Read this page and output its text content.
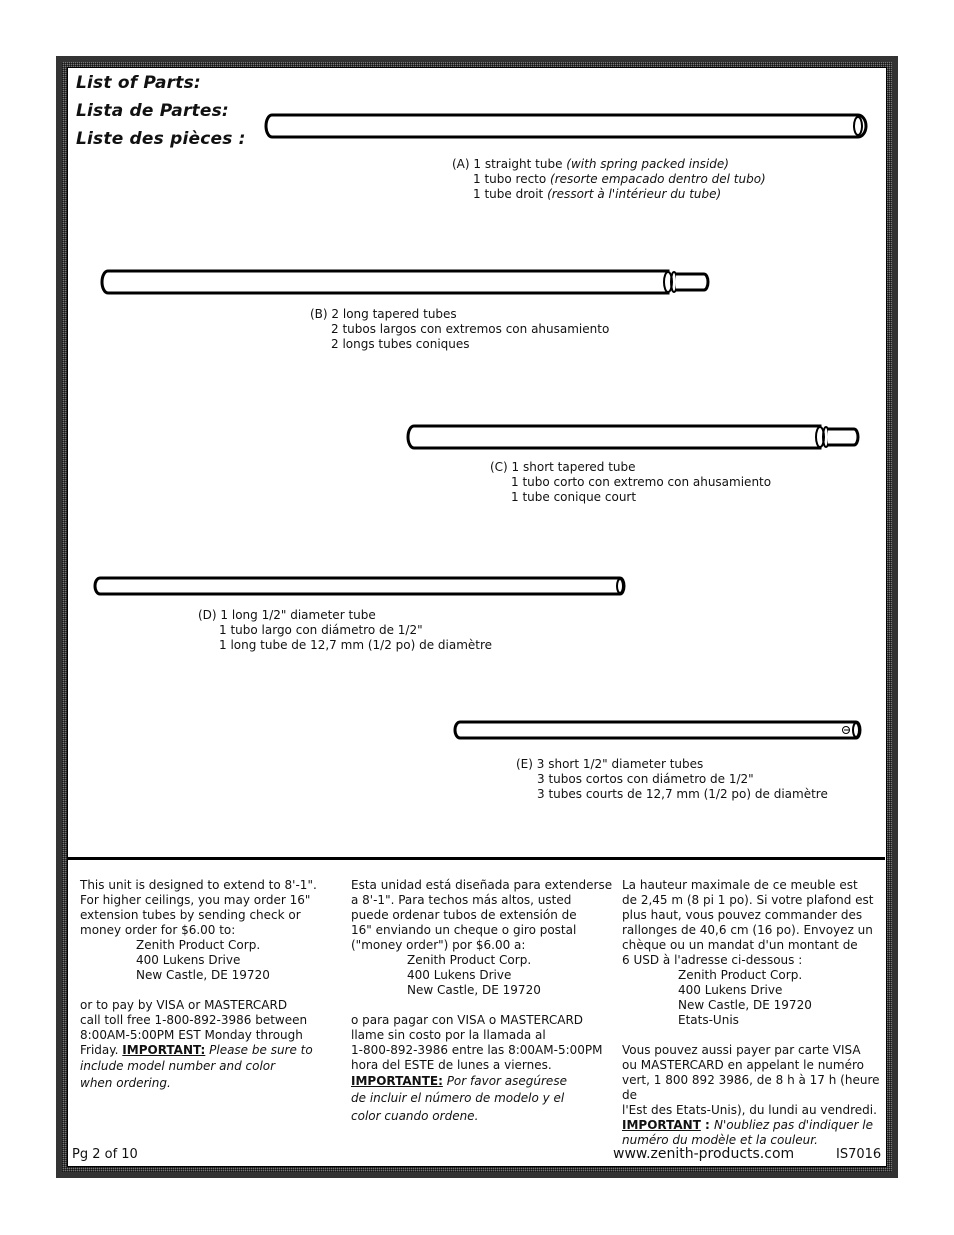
List of Parts:
Lista de Partes:
Liste des pièces :
(A) 1 straight tube (with spring packed inside)
1 tubo recto (resorte empacado dentro del tubo)
1 tube droit (ressort à l'intérieur du tube)
(B) 2 long tapered tubes
2 tubos largos con extremos con ahusamiento
2 longs tubes coniques
(C) 1 short tapered tube
1 tubo corto con extremo con ahusamiento
1 tube conique court
(D) 1 long 1/2" diameter tube
1 tubo largo con diámetro de 1/2"
1 long tube de 12,7 mm (1/2 po) de diamètre
(E) 3 short 1/2" diameter tubes
3 tubos cortos con diámetro de 1/2"
3 tubes courts de 12,7 mm (1/2 po) de diamètre

This unit is designed to extend to 8'-1".

For higher ceilings, you may order 16"

extension tubes by sending check or

money order for $6.00 to:

Zenith Product Corp.

400 Lukens Drive

New Castle, DE 19720

or to pay by VISA or MASTERCARD

call toll free 1-800-892-3986 between

8:00AM-5:00PM EST Monday through

Friday. IMPORTANT: Please be sure to

include model number and color

when ordering.

Esta unidad está diseñada para extenderse

a 8'-1". Para techos más altos, usted

puede ordenar tubos de extensión de

16" enviando un cheque o giro postal

("money order") por $6.00 a:

Zenith Product Corp.

400 Lukens Drive

New Castle, DE 19720

o para pagar con VISA o MASTERCARD

llame sin costo por la llamada al

1-800-892-3986 entre las 8:00AM-5:00PM

hora del ESTE de lunes a viernes.

IMPORTANTE: Por favor asegúrese

de incluir el número de modelo y el

color cuando ordene.

La hauteur maximale de ce meuble est

de 2,45 m (8 pi 1 po). Si votre plafond est

plus haut, vous pouvez commander des

rallonges de 40,6 cm (16 po). Envoyez un

chèque ou un mandat d'un montant de

6 USD à l'adresse ci-dessous :

Zenith Product Corp.

400 Lukens Drive

New Castle, DE 19720

Etats-Unis

Vous pouvez aussi payer par carte VISA

ou MASTERCARD en appelant le numéro

vert, 1 800 892 3986, de 8 h à 17 h (heure de

l'Est des Etats-Unis), du lundi au vendredi.

IMPORTANT : N'oubliez pas d'indiquer le

numéro du modèle et la couleur.

Pg 2 of 10	www.zenith-products.com	IS7016
